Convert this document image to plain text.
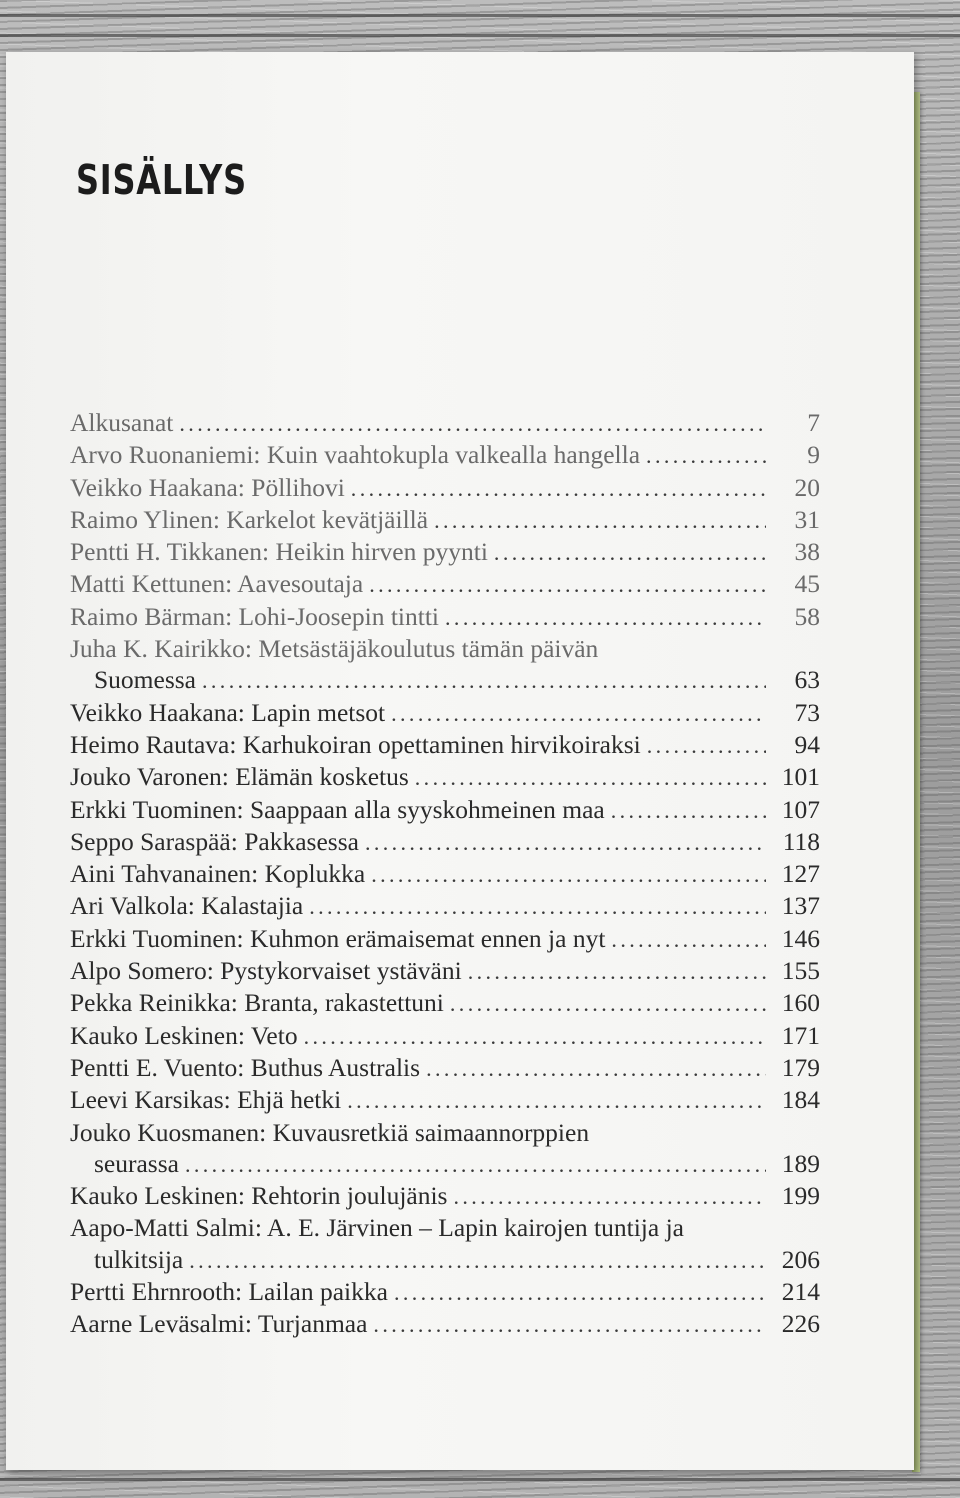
SISÄLLYS
Alkusanat .....	7
Arvo Ruonaniemi: Kuin vaahtokupla valkealla hangella .....	9
Veikko Haakana: Pöllihovi .....	20
Raimo Ylinen: Karkelot kevätjäillä .....	31
Pentti H. Tikkanen: Heikin hirven pyynti .....	38
Matti Kettunen: Aavesoutaja .....	45
Raimo Bärman: Lohi-Joosepin tintti .....	58
Juha K. Kairikko: Metsästäjäkoulutus tämän päivän
Suomessa .....	63
Veikko Haakana: Lapin metsot .....	73
Heimo Rautava: Karhukoiran opettaminen hirvikoiraksi .....	94
Jouko Varonen: Elämän kosketus .....	101
Erkki Tuominen: Saappaan alla syyskohmeinen maa .....	107
Seppo Saraspää: Pakkasessa .....	118
Aini Tahvanainen: Koplukka .....	127
Ari Valkola: Kalastajia .....	137
Erkki Tuominen: Kuhmon erämaisemat ennen ja nyt .....	146
Alpo Somero: Pystykorvaiset ystäväni .....	155
Pekka Reinikka: Branta, rakastettuni .....	160
Kauko Leskinen: Veto .....	171
Pentti E. Vuento: Buthus Australis .....	179
Leevi Karsikas: Ehjä hetki .....	184
Jouko Kuosmanen: Kuvausretkiä saimaannorppien
seurassa .....	189
Kauko Leskinen: Rehtorin joulujänis .....	199
Aapo-Matti Salmi: A. E. Järvinen – Lapin kairojen tuntija ja
tulkitsija .....	206
Pertti Ehrnrooth: Lailan paikka .....	214
Aarne Leväsalmi: Turjanmaa .....	226
